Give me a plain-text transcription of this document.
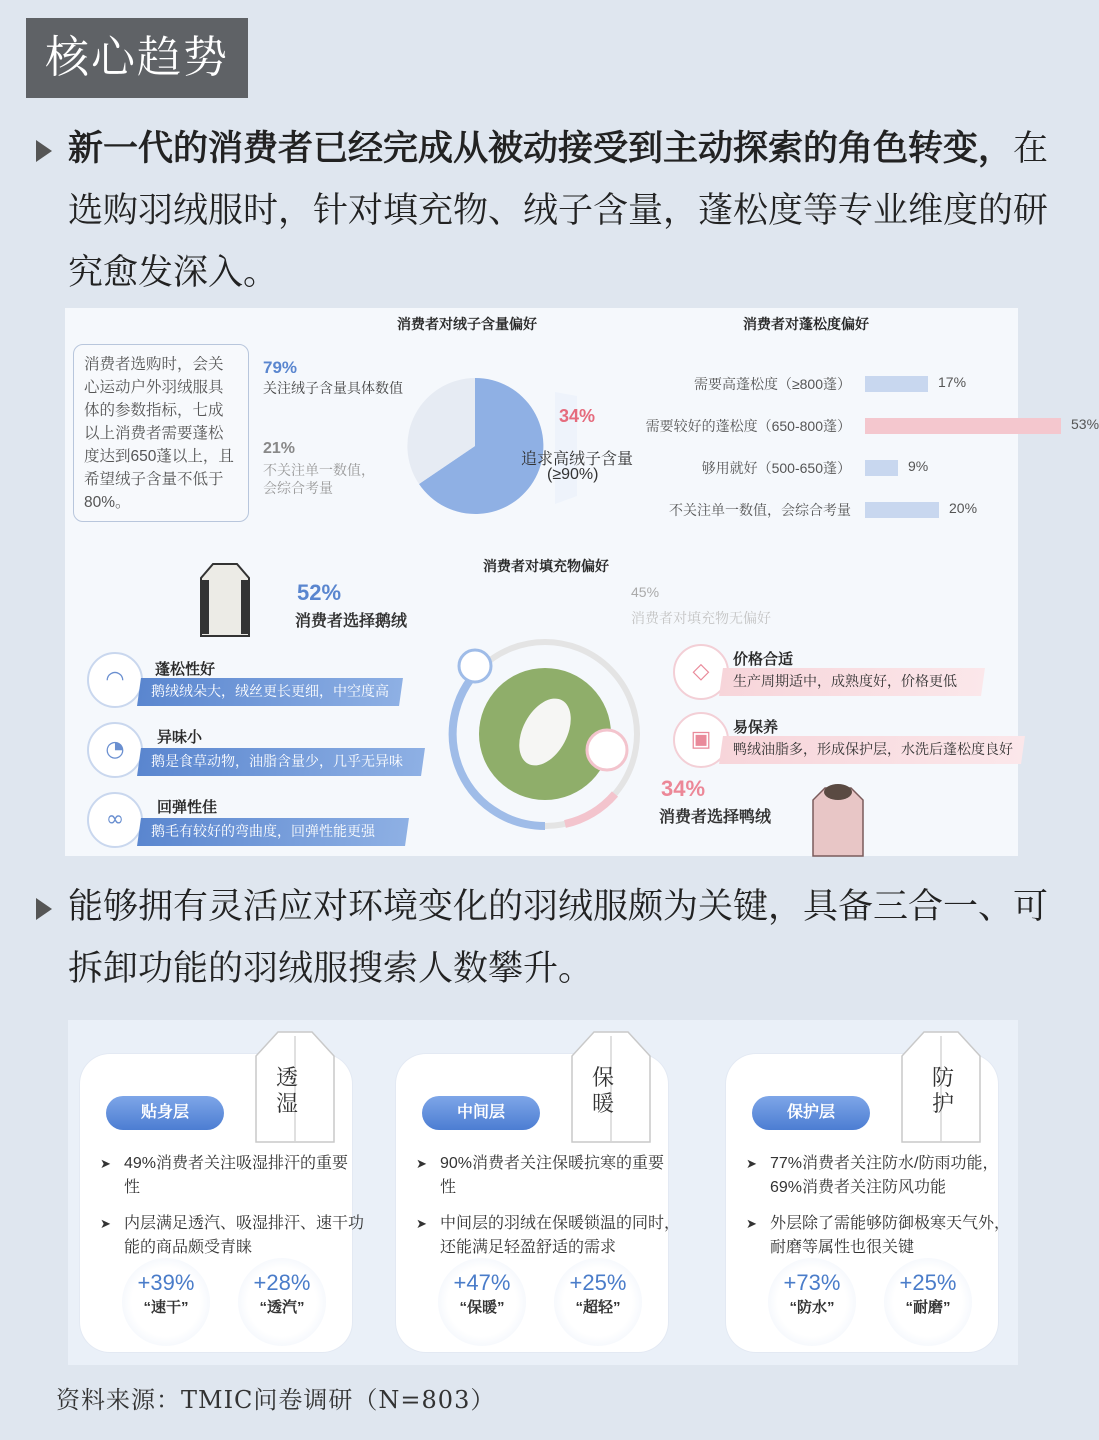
核心趋势
新一代的消费者已经完成从被动接受到主动探索的角色转变，在选购羽绒服时，针对填充物、绒子含量，蓬松度等专业维度的研究愈发深入。
消费者选购时，会关心运动户外羽绒服具体的参数指标，七成以上消费者需要蓬松度达到650蓬以上，且希望绒子含量不低于80%。
消费者对绒子含量偏好
79%
关注绒子含量具体数值
21%
不关注单一数值，
会综合考量
34%
追求高绒子含量
(≥90%)
消费者对蓬松度偏好
需要高蓬松度（≥800蓬）	17%
需要较好的蓬松度（650-800蓬）	53%
够用就好（500-650蓬）	9%
不关注单一数值，会综合考量	20%
消费者对填充物偏好
52%
消费者选择鹅绒
45%
消费者对填充物无偏好
◠	蓬松性好
鹅绒绒朵大，绒丝更长更细，中空度高
◔	异味小
鹅是食草动物，油脂含量少，几乎无异味
∞	回弹性佳
鹅毛有较好的弯曲度，回弹性能更强
◇	价格合适
生产周期适中，成熟度好，价格更低
▣	易保养
鸭绒油脂多，形成保护层，水洗后蓬松度良好
34%
消费者选择鸭绒
能够拥有灵活应对环境变化的羽绒服颇为关键，具备三合一、可拆卸功能的羽绒服搜索人数攀升。
贴身层
透
湿
➤ 49%消费者关注吸湿排汗的重要性
➤ 内层满足透汽、吸湿排汗、速干功能的商品颇受青睐
+39%
“速干”
+28%
“透汽”
中间层
保
暖
➤ 90%消费者关注保暖抗寒的重要性
➤ 中间层的羽绒在保暖锁温的同时，还能满足轻盈舒适的需求
+47%
“保暖”
+25%
“超轻”
保护层
防
护
➤ 77%消费者关注防水/防雨功能，69%消费者关注防风功能
➤ 外层除了需能够防御极寒天气外，耐磨等属性也很关键
+73%
“防水”
+25%
“耐磨”
资料来源：TMIC问卷调研（N=803）
